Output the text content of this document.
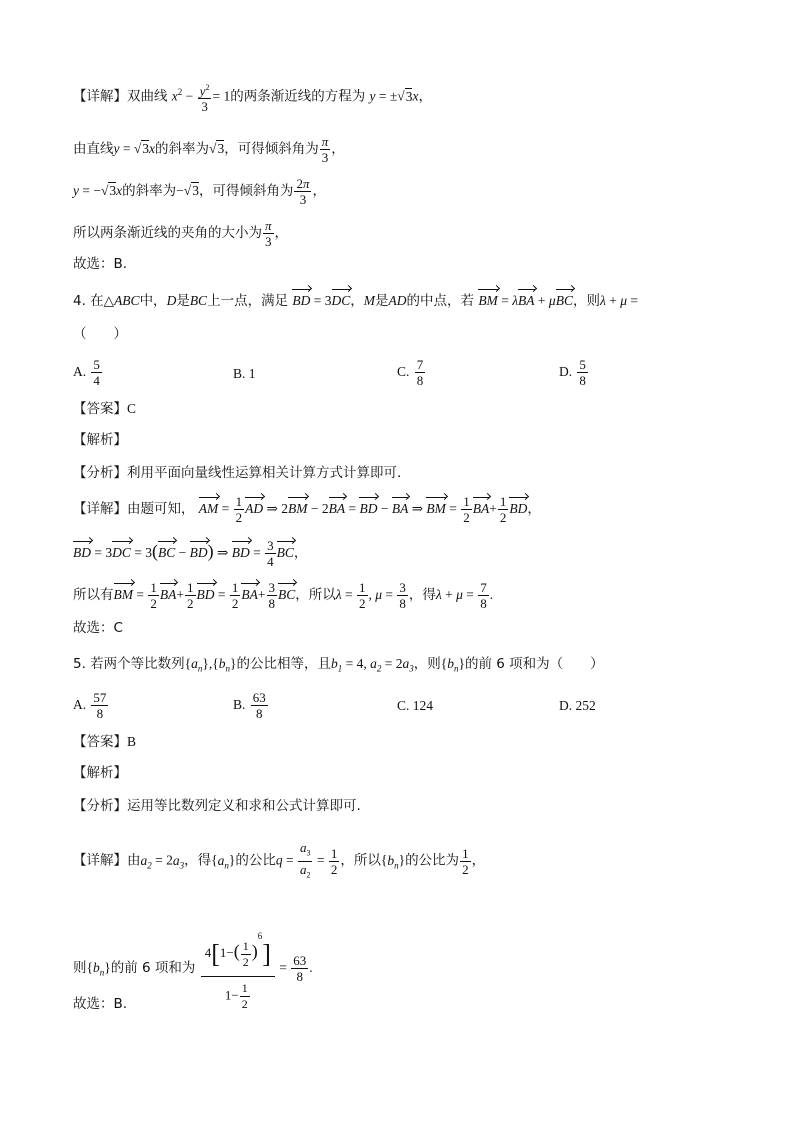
【详解】双曲线 $x^2 - \frac{y^2}{3} = 1$的两条渐近线的方程为 y = ±√3x，
由直线y = √3x的斜率为√3，可得倾斜角为 $\frac{\pi}{3}$ ，
y = −√3x的斜率为−√3，可得倾斜角为 $\frac{2\pi}{3}$ ，
所以两条渐近线的夹角的大小为 $\frac{\pi}{3}$ ，
故选：B.
4. 在△ABC中，D是BC上一点，满足 BD = 3DC，M是AD的中点，若 BM = λBA + μBC，则λ + μ =
（　　）
A. $\frac{5}{4}$	B. 1	C. $\frac{7}{8}$	D. $\frac{5}{8}$
【答案】C
【解析】
【分析】利用平面向量线性运算相关计算方式计算即可.
【详解】由题可知， AM = $\frac{1}{2}$ AD ⇒ 2BM − 2BA = BD − BA ⇒ BM = $\frac{1}{2} BA+ \frac{1}{2}$ BD，
BD = 3DC = 3(BC − BD) ⇒ BD = $\frac{3}{4}$ BC，
所以有BM = $\frac{1}{2} BA+ \frac{1}{2}$ BD = $\frac{1}{2} BA+ \frac{3}{8}$ BC，所以$\lambda = \frac{1}{2}$ , $\mu = \frac{3}{8}$ ，得$\lambda + \mu = \frac{7}{8}$ .
故选：C
5. 若两个等比数列$\{a_n\},\{b_n\}$的公比相等，且$b_1 = 4$, $a_2 = 2a_3$，则$\{b_n\}$的前 6 项和为（　　）
A. $\frac{57}{8}$	B. $\frac{63}{8}$	C. 124	D. 252
【答案】B
【解析】
【分析】运用等比数列定义和求和公式计算即可.
【详解】由$a_2 = 2a_3$，得$\{a_n\}$的公比$q = \frac{a_3}{a_2} = \frac{1}{2}$ ，所以$\{b_n\}$的公比为 $\frac{1}{2}$ ，
则$\{b_n\}$的前 6 项和为 $\frac{4[1-( \frac{1}{2} )^6]}{1- \frac{1}{2}} = \frac{63}{8}$ .
故选：B.
